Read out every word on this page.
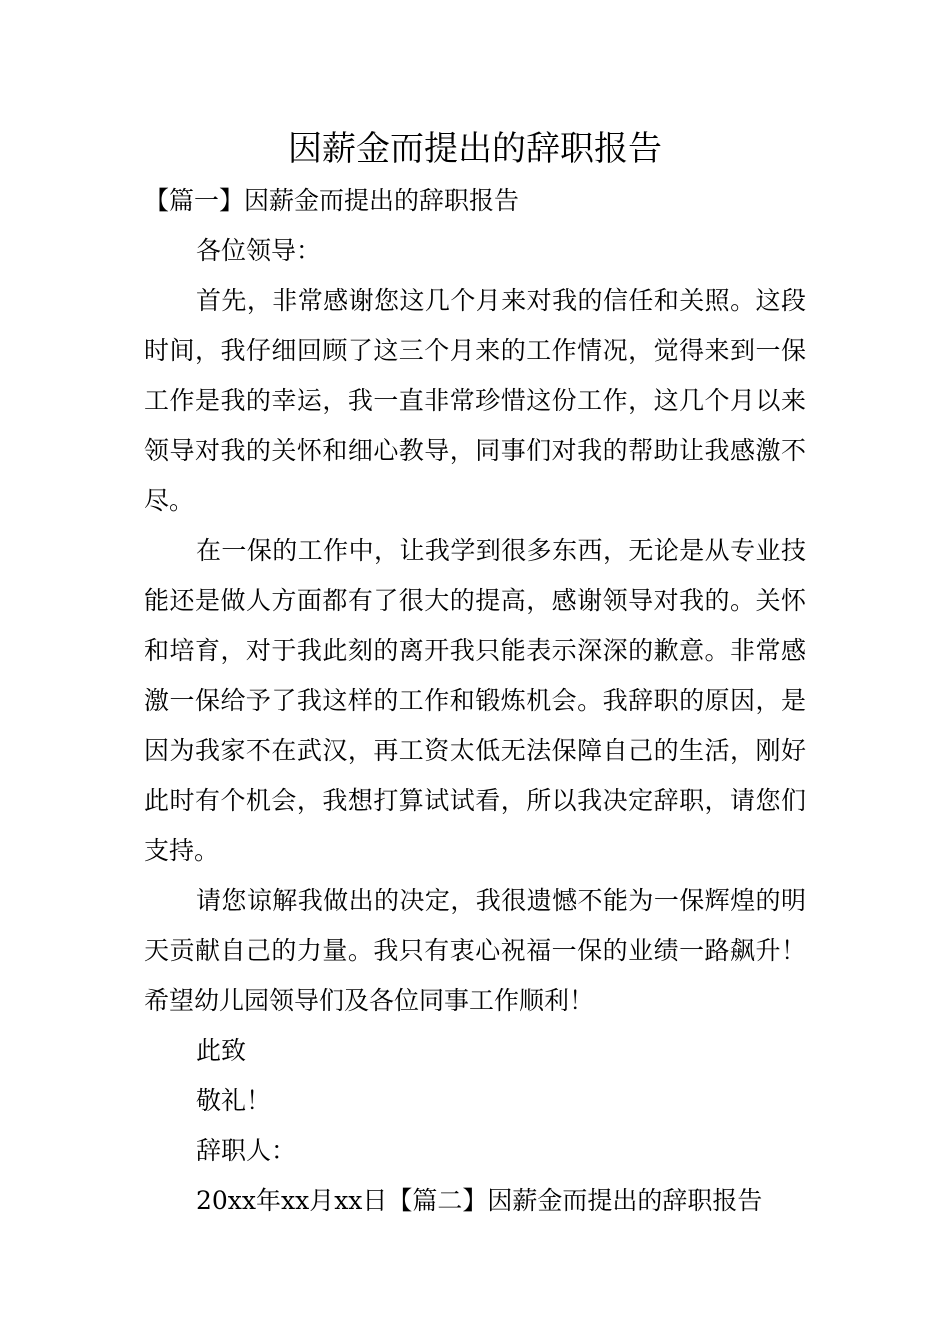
因薪金而提出的辞职报告
【篇一】因薪金而提出的辞职报告
各位领导：

首先，非常感谢您这几个月来对我的信任和关照。这段时间，我仔细回顾了这三个月来的工作情况，觉得来到一保工作是我的幸运，我一直非常珍惜这份工作，这几个月以来领导对我的关怀和细心教导，同事们对我的帮助让我感激不尽。

在一保的工作中，让我学到很多东西，无论是从专业技能还是做人方面都有了很大的提高，感谢领导对我的。关怀和培育，对于我此刻的离开我只能表示深深的歉意。非常感激一保给予了我这样的工作和锻炼机会。我辞职的原因，是因为我家不在武汉，再工资太低无法保障自己的生活，刚好此时有个机会，我想打算试试看，所以我决定辞职，请您们支持。

请您谅解我做出的决定，我很遗憾不能为一保辉煌的明天贡献自己的力量。我只有衷心祝福一保的业绩一路飙升！希望幼儿园领导们及各位同事工作顺利！

此致
敬礼！
辞职人：
20xx年xx月xx日【篇二】因薪金而提出的辞职报告
